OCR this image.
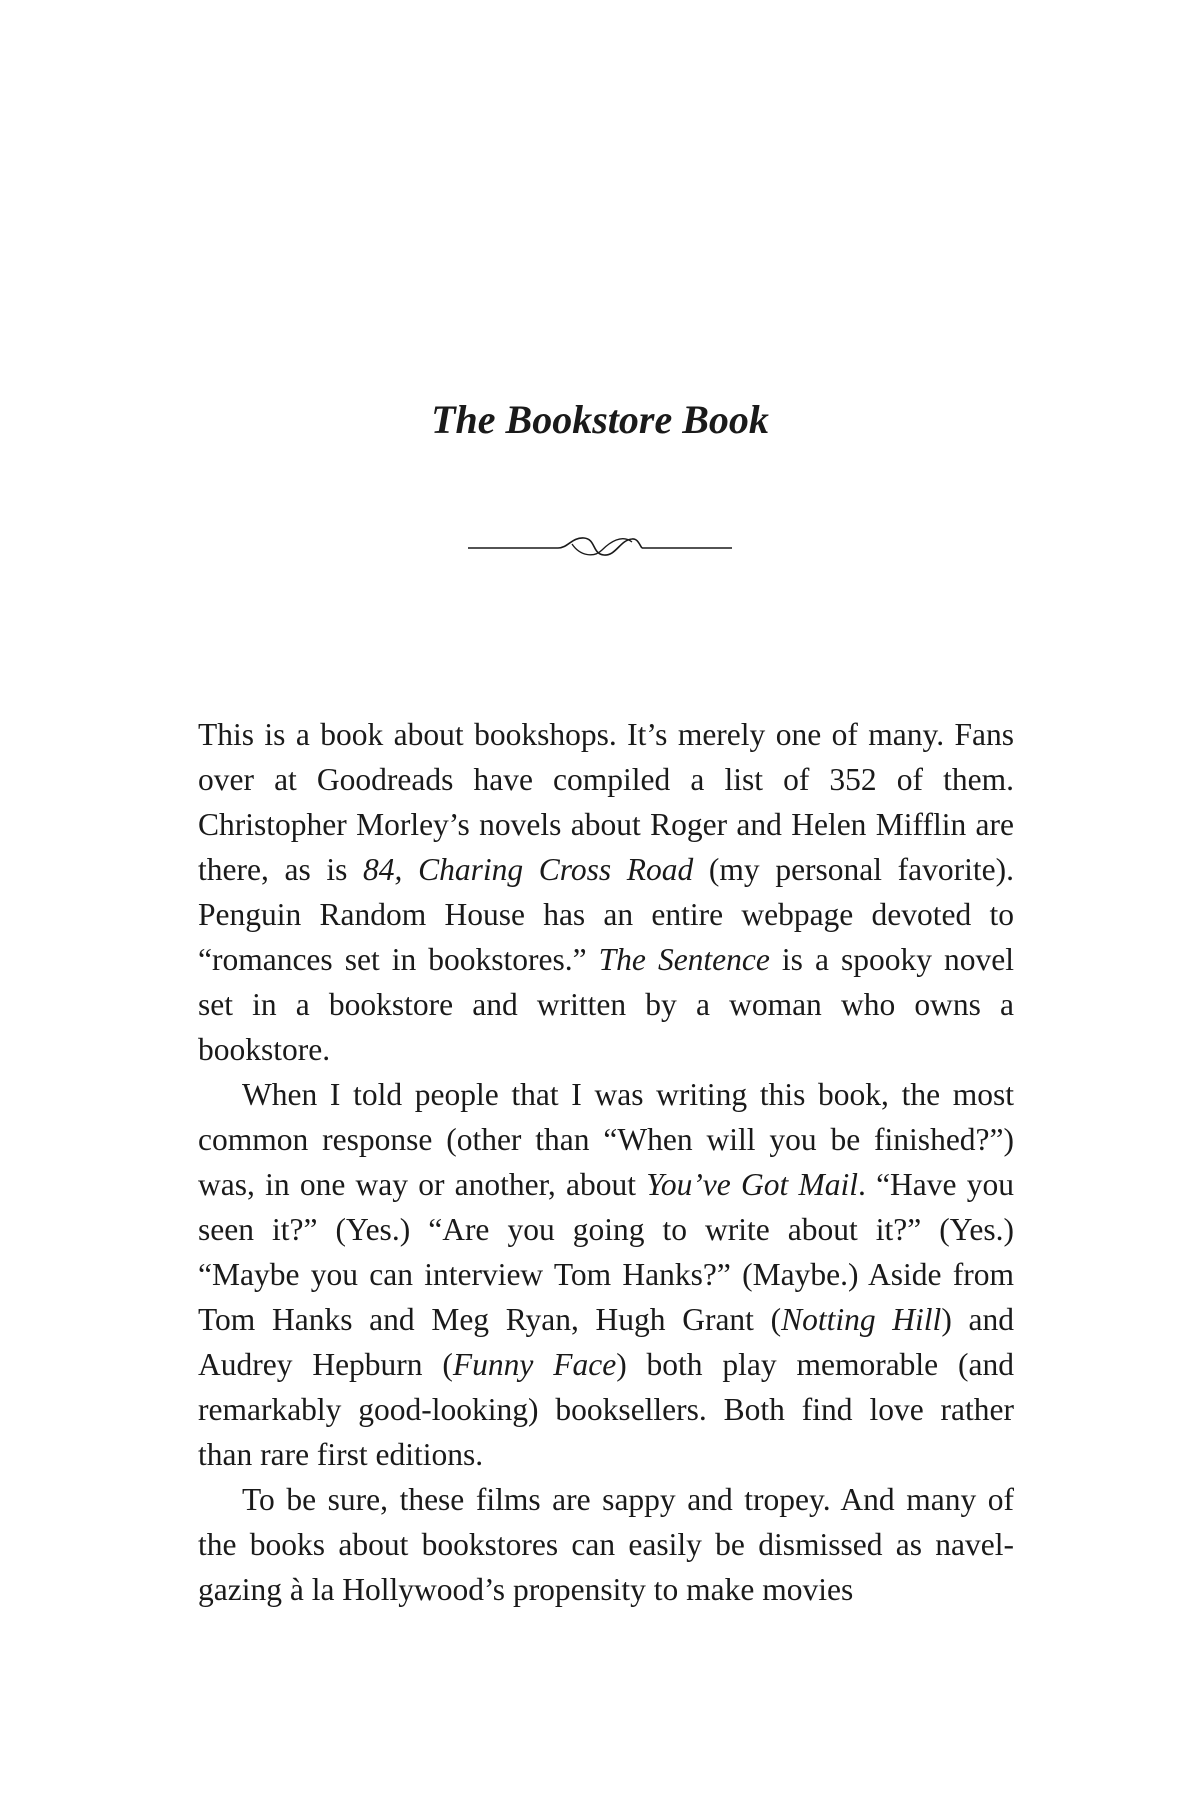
The Bookstore Book

This is a book about bookshops. It’s merely one of many. Fans over at Goodreads have compiled a list of 352 of them. Christopher Morley’s novels about Roger and Helen Mifflin are there, as is 84, Charing Cross Road (my personal favorite). Penguin Random House has an entire webpage devoted to “romances set in bookstores.” The Sentence is a spooky novel set in a bookstore and written by a woman who owns a bookstore.

When I told people that I was writing this book, the most common response (other than “When will you be finished?”) was, in one way or another, about You’ve Got Mail. “Have you seen it?” (Yes.) “Are you going to write about it?” (Yes.) “Maybe you can interview Tom Hanks?” (Maybe.) Aside from Tom Hanks and Meg Ryan, Hugh Grant (Notting Hill) and Audrey Hepburn (Funny Face) both play memorable (and remarkably good-looking) booksellers. Both find love rather than rare first editions.

To be sure, these films are sappy and tropey. And many of the books about bookstores can easily be dismissed as navel-gazing à la Hollywood’s propensity to make movies
